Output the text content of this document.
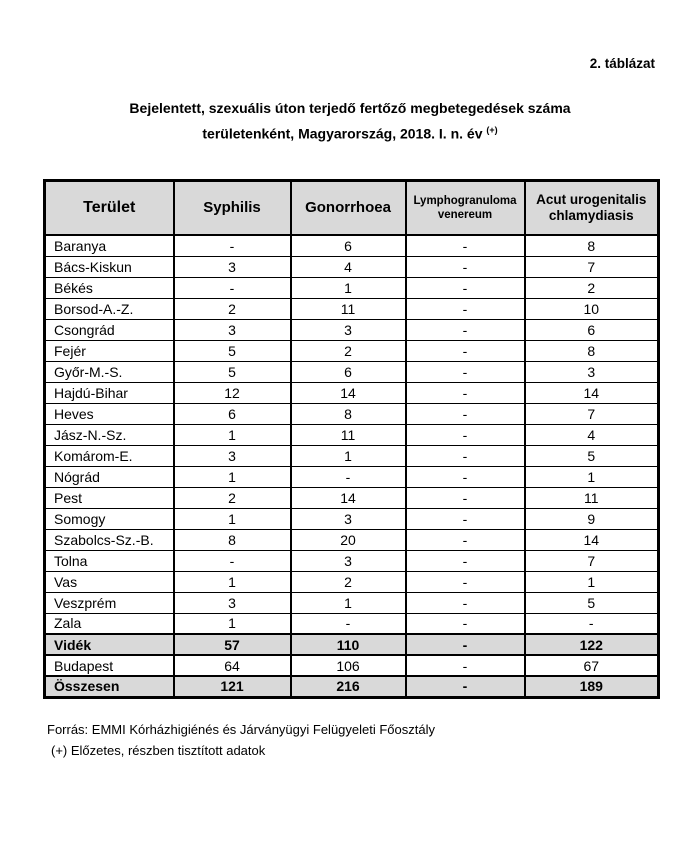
2. táblázat
Bejelentett, szexuális úton terjedő fertőző megbetegedések száma
területenként, Magyarország, 2018. I. n. év (+)
Terület	Syphilis	Gonorrhoea	Lymphogranuloma venereum	Acut urogenitalis chlamydiasis
Baranya	-	6	-	8
Bács-Kiskun	3	4	-	7
Békés	-	1	-	2
Borsod-A.-Z.	2	11	-	10
Csongrád	3	3	-	6
Fejér	5	2	-	8
Győr-M.-S.	5	6	-	3
Hajdú-Bihar	12	14	-	14
Heves	6	8	-	7
Jász-N.-Sz.	1	11	-	4
Komárom-E.	3	1	-	5
Nógrád	1	-	-	1
Pest	2	14	-	11
Somogy	1	3	-	9
Szabolcs-Sz.-B.	8	20	-	14
Tolna	-	3	-	7
Vas	1	2	-	1
Veszprém	3	1	-	5
Zala	1	-	-	-
Vidék	57	110	-	122
Budapest	64	106	-	67
Összesen	121	216	-	189
Forrás: EMMI Kórházhigiénés és Járványügyi Felügyeleti Főosztály
(+) Előzetes, részben tisztított adatok
